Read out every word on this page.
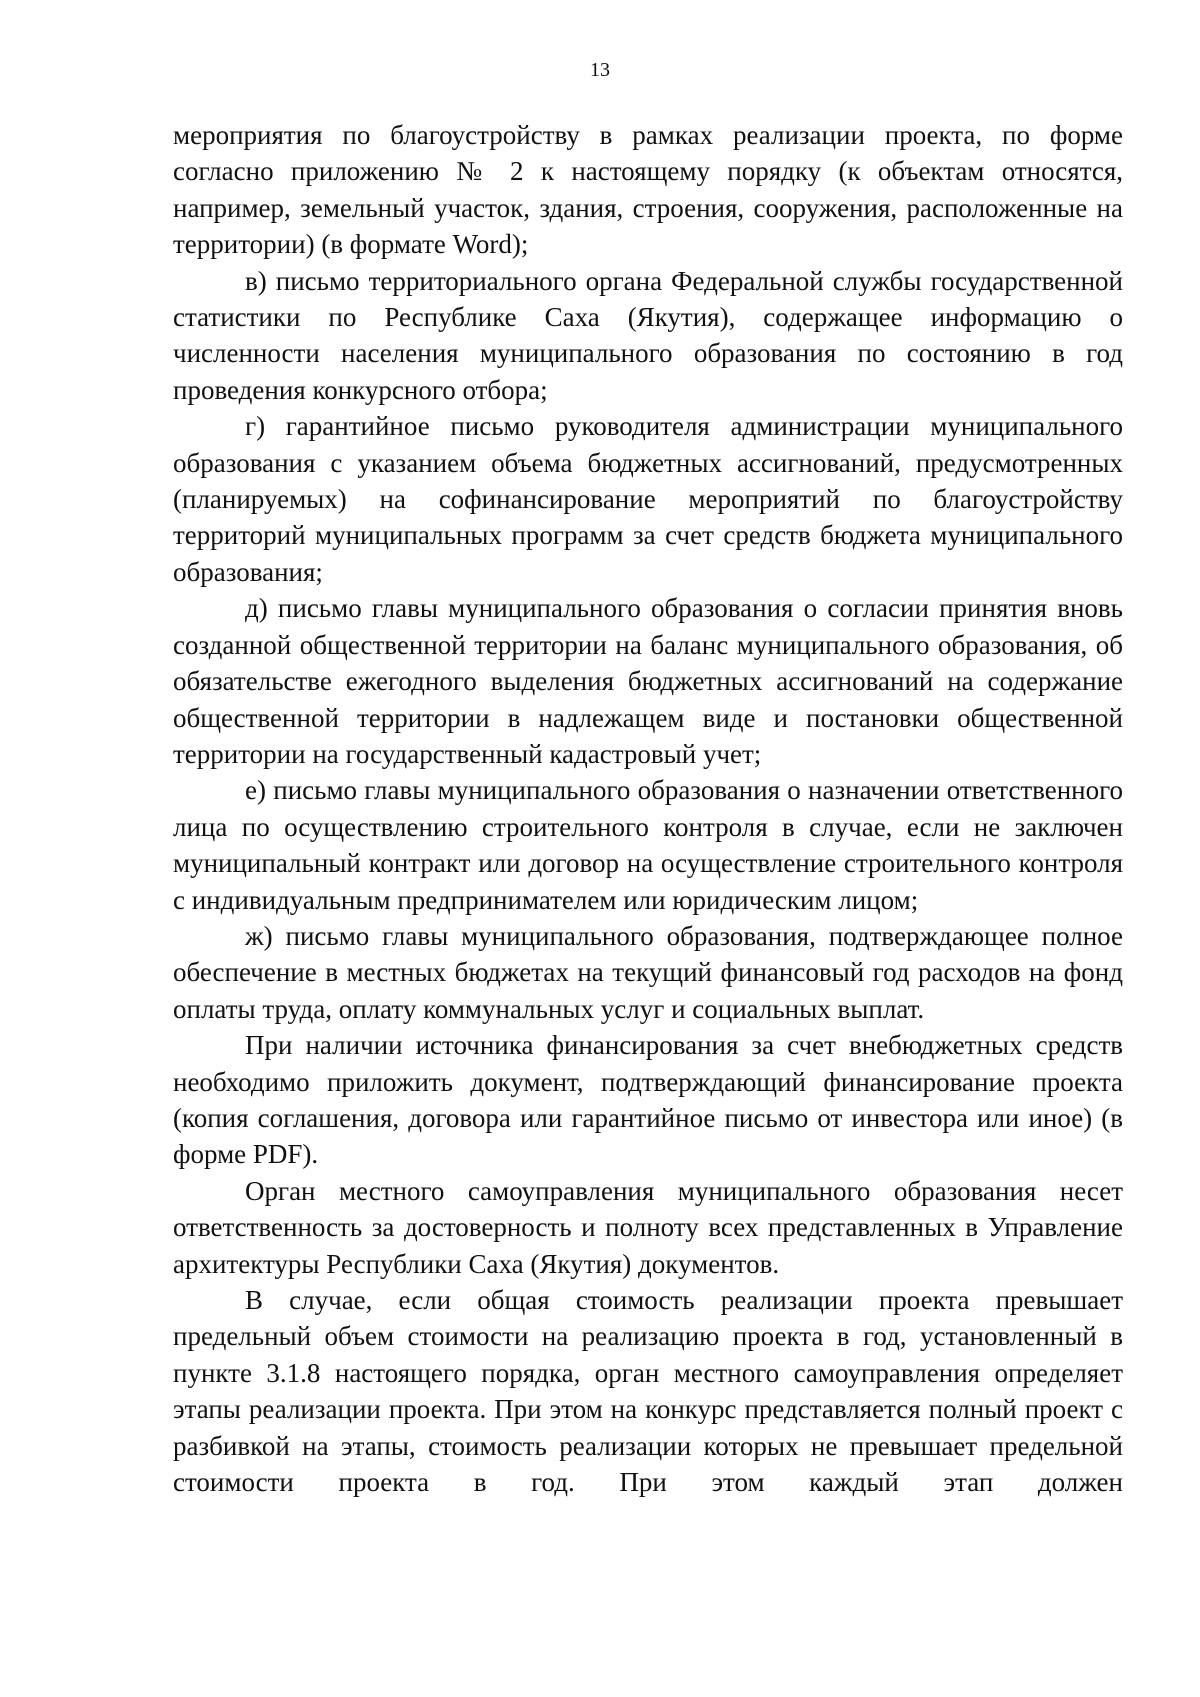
13

мероприятия по благоустройству в рамках реализации проекта, по форме согласно приложению № 2 к настоящему порядку (к объектам относятся, например, земельный участок, здания, строения, сооружения, расположенные на территории) (в формате Word);

в) письмо территориального органа Федеральной службы государственной статистики по Республике Саха (Якутия), содержащее информацию о численности населения муниципального образования по состоянию в год проведения конкурсного отбора;

г) гарантийное письмо руководителя администрации муниципального образования с указанием объема бюджетных ассигнований, предусмотренных (планируемых) на софинансирование мероприятий по благоустройству территорий муниципальных программ за счет средств бюджета муниципального образования;

д) письмо главы муниципального образования о согласии принятия вновь созданной общественной территории на баланс муниципального образования, об обязательстве ежегодного выделения бюджетных ассигнований на содержание общественной территории в надлежащем виде и постановки общественной территории на государственный кадастровый учет;

е) письмо главы муниципального образования о назначении ответственного лица по осуществлению строительного контроля в случае, если не заключен муниципальный контракт или договор на осуществление строительного контроля с индивидуальным предпринимателем или юридическим лицом;

ж) письмо главы муниципального образования, подтверждающее полное обеспечение в местных бюджетах на текущий финансовый год расходов на фонд оплаты труда, оплату коммунальных услуг и социальных выплат.

При наличии источника финансирования за счет внебюджетных средств необходимо приложить документ, подтверждающий финансирование проекта (копия соглашения, договора или гарантийное письмо от инвестора или иное) (в форме PDF).

Орган местного самоуправления муниципального образования несет ответственность за достоверность и полноту всех представленных в Управление архитектуры Республики Саха (Якутия) документов.

В случае, если общая стоимость реализации проекта превышает предельный объем стоимости на реализацию проекта в год, установленный в пункте 3.1.8 настоящего порядка, орган местного самоуправления определяет этапы реализации проекта. При этом на конкурс представляется полный проект с разбивкой на этапы, стоимость реализации которых не превышает предельной стоимости проекта в год. При этом каждый этап должен
